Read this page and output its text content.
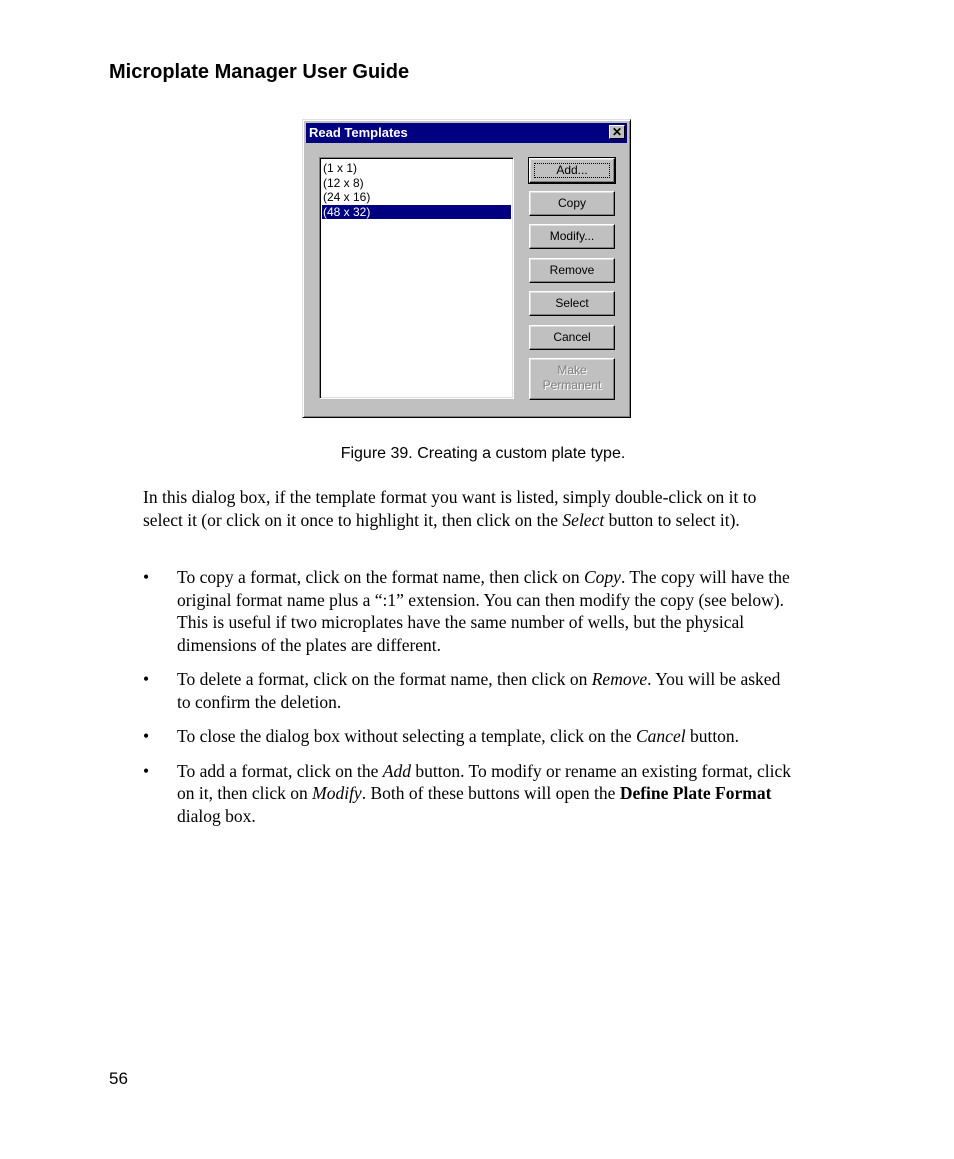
Microplate Manager User Guide
Read Templates	✕
(1 x 1)
(12 x 8)
(24 x 16)
(48 x 32)
Add...
Copy
Modify...
Remove
Select
Cancel
Make
Permanent
Figure 39. Creating a custom plate type.

In this dialog box, if the template format you want is listed, simply double-click on it to select it (or click on it once to highlight it, then click on the Select button to select it).

•	To copy a format, click on the format name, then click on Copy. The copy will have the original format name plus a “:1” extension. You can then modify the copy (see below). This is useful if two microplates have the same number of wells, but the physical dimensions of the plates are different.
•	To delete a format, click on the format name, then click on Remove. You will be asked to confirm the deletion.
•	To close the dialog box without selecting a template, click on the Cancel button.
•	To add a format, click on the Add button. To modify or rename an existing format, click on it, then click on Modify. Both of these buttons will open the Define Plate Format dialog box.
56
